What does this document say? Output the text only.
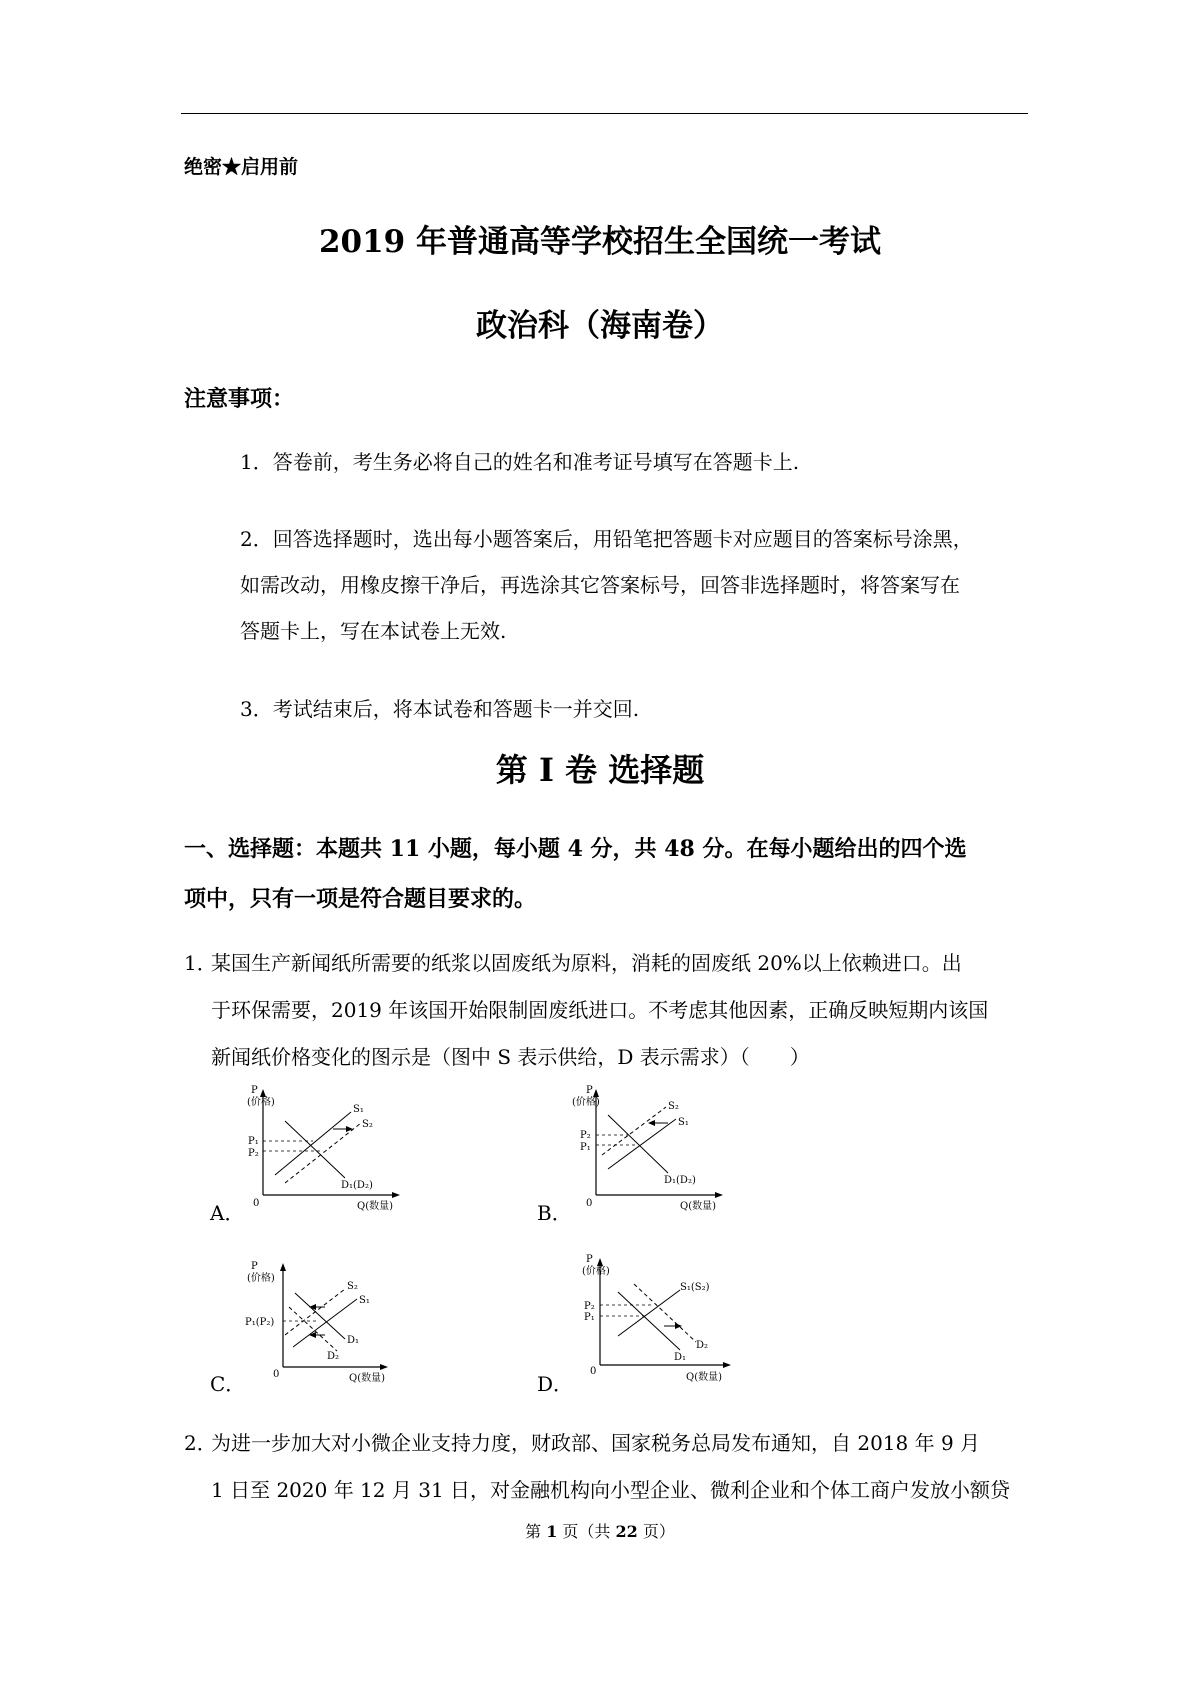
绝密★启用前
2019 年普通高等学校招生全国统一考试
政治科（海南卷）
注意事项：
1．答卷前，考生务必将自己的姓名和准考证号填写在答题卡上.
2．回答选择题时，选出每小题答案后，用铅笔把答题卡对应题目的答案标号涂黑，
如需改动，用橡皮擦干净后，再选涂其它答案标号，回答非选择题时，将答案写在
答题卡上，写在本试卷上无效.
3．考试结束后，将本试卷和答题卡一并交回.
第 I 卷 选择题
一、选择题：本题共 11 小题，每小题 4 分，共 48 分。在每小题给出的四个选
项中，只有一项是符合题目要求的。
1．
某国生产新闻纸所需要的纸浆以固废纸为原料，消耗的固废纸 20%以上依赖进口。出
于环保需要，2019 年该国开始限制固废纸进口。不考虑其他因素，正确反映短期内该国
新闻纸价格变化的图示是（图中 S 表示供给，D 表示需求）（　　）
A．
P
(价格)
0	Q(数量)
P₁
P₂
S₁
S₂
D₁(D₂)
B．
P
(价格)
0	Q(数量)
P₂
P₁
S₂
S₁
D₁(D₂)
C．
P
(价格)
0	Q(数量)
P₁(P₂)
S₂
S₁
D₁
D₂
D．
P
(价格)
0
Q(数量)
P₂
P₁
S₁(S₂)
D₁
D₂
2．
为进一步加大对小微企业支持力度，财政部、国家税务总局发布通知，自 2018 年 9 月
1 日至 2020 年 12 月 31 日，对金融机构向小型企业、微利企业和个体工商户发放小额贷
第 1 页（共 22 页）
